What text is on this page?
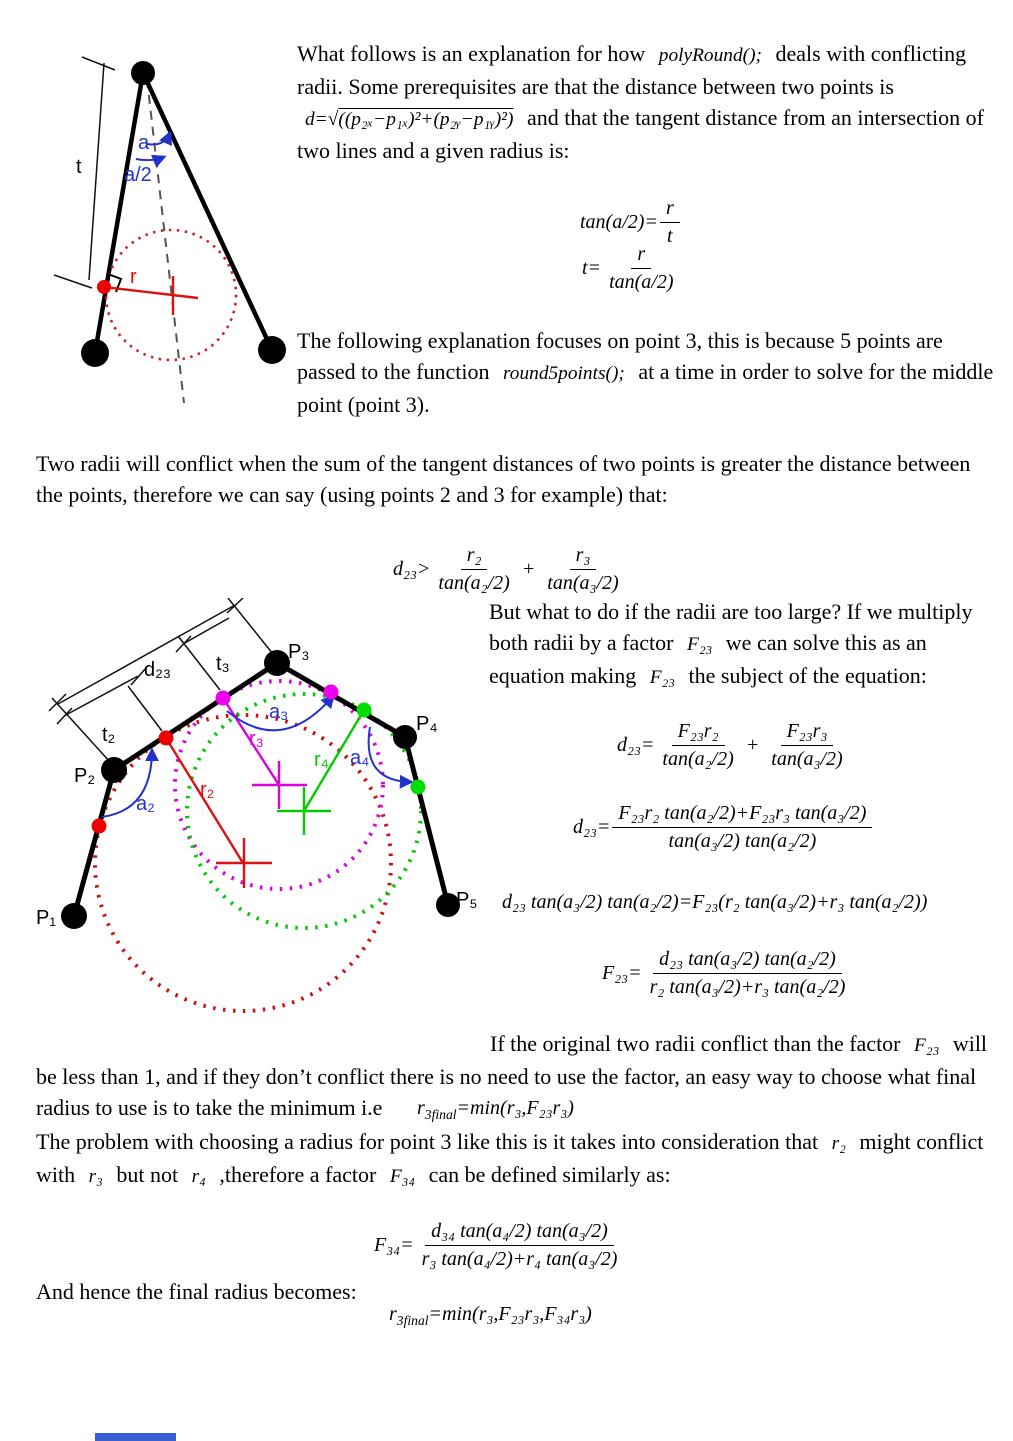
t
a
a/2
r
What follows is an explanation for how polyRound(); deals with conflicting radii. Some prerequisites are that the distance between two points is d=√((p₂ₓ−p₁ₓ)²+(p₂ᵧ−p₁ᵧ)²) and that the tangent distance from an intersection of two lines and a given radius is:
$\tan(a/2)= \frac{r}{t}$
$t= \frac{r}{\tan(a/2)}$
The following explanation focuses on point 3, this is because 5 points are passed to the function round5points(); at a time in order to solve for the middle point (point 3).
Two radii will conflict when the sum of the tangent distances of two points is greater the distance between the points, therefore we can say (using points 2 and 3 for example) that:
$d_{23}> \frac{\text{r₂}}{\text{tan(a₂/2)}} + \frac{\text{r₃}}{\text{tan(a₃/2)}}$
P₁
P₂
P₃
P₄
P₅
d₂₃ t₃
t₂
a₂
a₃
a₄
r₂
r₃
r₄
But what to do if the radii are too large? If we multiply both radii by a factor F₂₃ we can solve this as an equation making F₂₃ the subject of the equation:
$d_{23}= \frac{\text{F₂₃r₂}}{\text{tan(a₂/2)}} + \frac{\text{F₂₃r₃}}{\text{tan(a₃/2)}}$
$d_{23}= \frac{\text{F₂₃r₂ tan(a₂/2)+F₂₃r₃ tan(a₃/2)}}{\text{tan(a₃/2) tan(a₂/2)}}$
d₂₃ tan(a₃/2) tan(a₂/2)=F₂₃(r₂ tan(a₃/2)+r₃ tan(a₂/2))
$F_{23}= \frac{\text{d₂₃ tan(a₃/2) tan(a₂/2)}}{\text{r₂ tan(a₃/2)+r₃ tan(a₂/2)}}$
If the original two radii conflict than the factor F₂₃ will be less than 1, and if they don’t conflict there is no need to use the factor, an easy way to choose what final radius to use is to take the minimum i.e	$r_{3final}=\min(r_3,F_{23}r_3)$
The problem with choosing a radius for point 3 like this is it takes into consideration that r₂ might conflict with r₃ but not r₄ ,therefore a factor F₃₄ can be defined similarly as:
$F_{34}= \frac{\text{d₃₄ tan(a₄/2) tan(a₃/2)}}{\text{r₃ tan(a₄/2)+r₄ tan(a₃/2)}}$
And hence the final radius becomes:
$r_{3final}=\min(r_3,F_{23}r_3,F_{34}r_3)$
